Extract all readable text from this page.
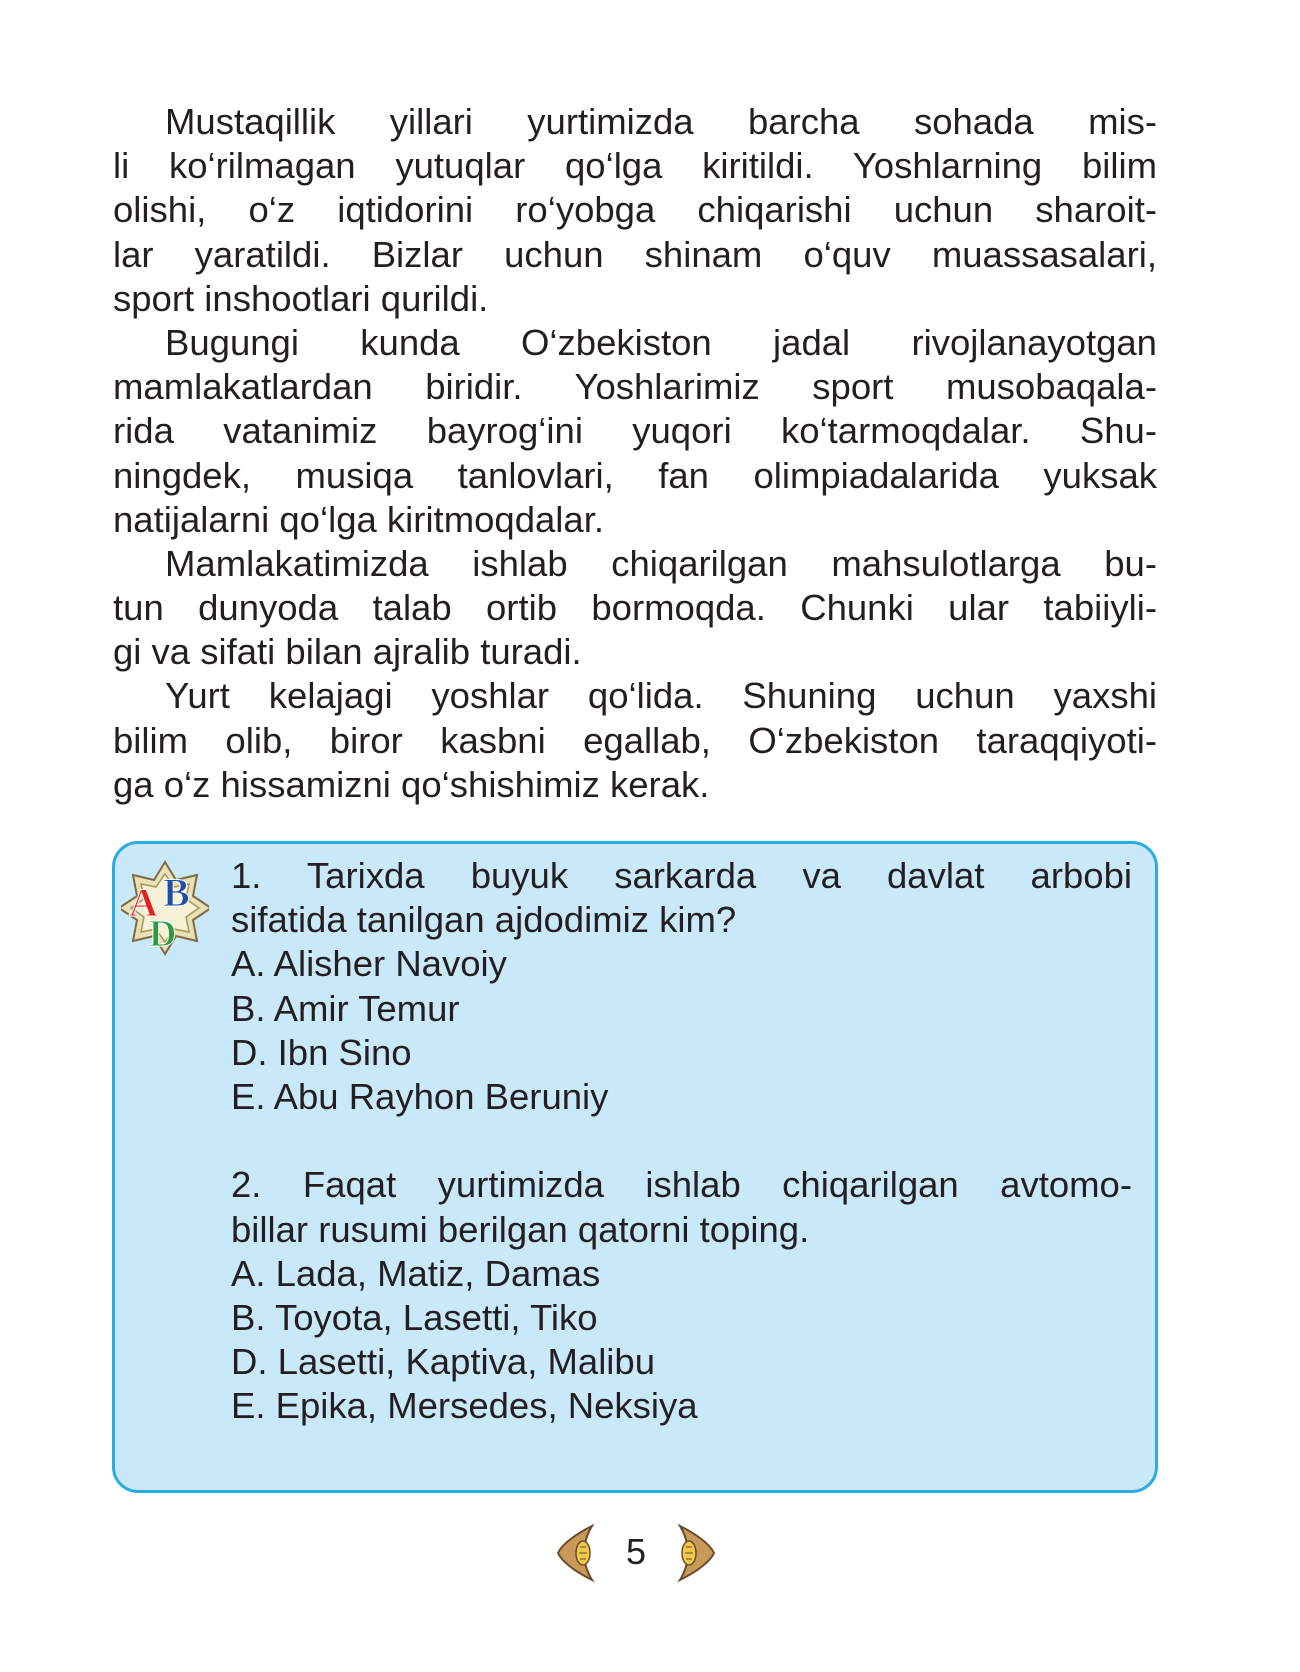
Mustaqillik yillari yurtimizda barcha sohada mis-
li ko‘rilmagan yutuqlar qo‘lga kiritildi. Yoshlarning bilim
olishi, o‘z iqtidorini ro‘yobga chiqarishi uchun sharoit-
lar yaratildi. Bizlar uchun shinam o‘quv muassasalari,
sport inshootlari qurildi.
Bugungi kunda O‘zbekiston jadal rivojlanayotgan
mamlakatlardan biridir. Yoshlarimiz sport musobaqala-
rida vatanimiz bayrog‘ini yuqori ko‘tarmoqdalar. Shu-
ningdek, musiqa tanlovlari, fan olimpiadalarida yuksak
natijalarni qo‘lga kiritmoqdalar.
Mamlakatimizda ishlab chiqarilgan mahsulotlarga bu-
tun dunyoda talab ortib bormoqda. Chunki ular tabiiyli-
gi va sifati bilan ajralib turadi.
Yurt kelajagi yoshlar qo‘lida. Shuning uchun yaxshi
bilim olib, biror kasbni egallab, O‘zbekiston taraqqiyoti-
ga o‘z hissamizni qo‘shishimiz kerak.
A B
D
1. Tarixda buyuk sarkarda va davlat arbobi
sifatida tanilgan ajdodimiz kim?
A. Alisher Navoiy
B. Amir Temur
D. Ibn Sino
E. Abu Rayhon Beruniy
2. Faqat yurtimizda ishlab chiqarilgan avtomo-
billar rusumi berilgan qatorni toping.
A. Lada, Matiz, Damas
B. Toyota, Lasetti, Tiko
D. Lasetti, Kaptiva, Malibu
E. Epika, Mersedes, Neksiya
5
